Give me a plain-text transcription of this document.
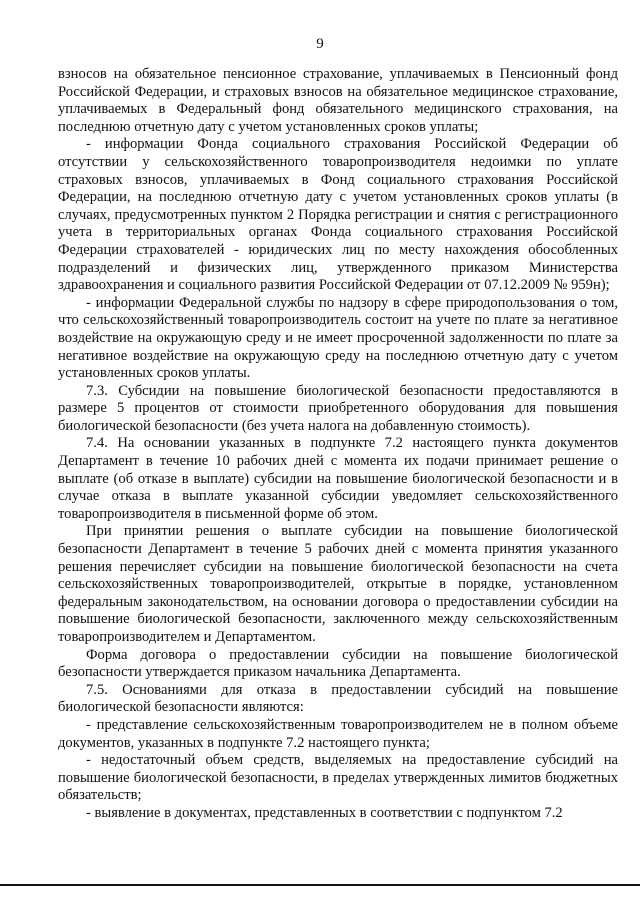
9

взносов на обязательное пенсионное страхование, уплачиваемых в Пенсионный фонд Российской Федерации, и страховых взносов на обязательное медицинское страхование, уплачиваемых в Федеральный фонд обязательного медицинского страхования, на последнюю отчетную дату с учетом установленных сроков уплаты;

- информации Фонда социального страхования Российской Федерации об отсутствии у сельскохозяйственного товаропроизводителя недоимки по уплате страховых взносов, уплачиваемых в Фонд социального страхования Российской Федерации, на последнюю отчетную дату с учетом установленных сроков уплаты (в случаях, предусмотренных пунктом 2 Порядка регистрации и снятия с регистрационного учета в территориальных органах Фонда социального страхования Российской Федерации страхователей - юридических лиц по месту нахождения обособленных подразделений и физических лиц, утвержденного приказом Министерства здравоохранения и социального развития Российской Федерации от 07.12.2009 № 959н);

- информации Федеральной службы по надзору в сфере природопользования о том, что сельскохозяйственный товаропроизводитель состоит на учете по плате за негативное воздействие на окружающую среду и не имеет просроченной задолженности по плате за негативное воздействие на окружающую среду на последнюю отчетную дату с учетом установленных сроков уплаты.

7.3. Субсидии на повышение биологической безопасности предоставляются в размере 5 процентов от стоимости приобретенного оборудования для повышения биологической безопасности (без учета налога на добавленную стоимость).

7.4. На основании указанных в подпункте 7.2 настоящего пункта документов Департамент в течение 10 рабочих дней с момента их подачи принимает решение о выплате (об отказе в выплате) субсидии на повышение биологической безопасности и в случае отказа в выплате указанной субсидии уведомляет сельскохозяйственного товаропроизводителя в письменной форме об этом.

При принятии решения о выплате субсидии на повышение биологической безопасности Департамент в течение 5 рабочих дней с момента принятия указанного решения перечисляет субсидии на повышение биологической безопасности на счета сельскохозяйственных товаропроизводителей, открытые в порядке, установленном федеральным законодательством, на основании договора о предоставлении субсидии на повышение биологической безопасности, заключенного между сельскохозяйственным товаропроизводителем и Департаментом.

Форма договора о предоставлении субсидии на повышение биологической безопасности утверждается приказом начальника Департамента.

7.5. Основаниями для отказа в предоставлении субсидий на повышение биологической безопасности являются:

- представление сельскохозяйственным товаропроизводителем не в полном объеме документов, указанных в подпункте 7.2 настоящего пункта;

- недостаточный объем средств, выделяемых на предоставление субсидий на повышение биологической безопасности, в пределах утвержденных лимитов бюджетных обязательств;

- выявление в документах, представленных в соответствии с подпунктом 7.2
